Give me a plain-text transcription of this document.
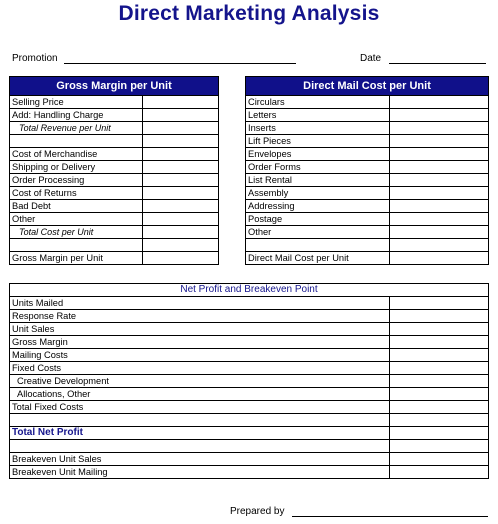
Direct Marketing Analysis
Promotion	Date
Gross Margin per Unit	
Selling Price	
Add: Handling Charge	
Total Revenue per Unit	

Cost of Merchandise	
Shipping or Delivery	
Order Processing	
Cost of Returns	
Bad Debt	
Other	
Total Cost per Unit	

Gross Margin per Unit	
Direct Mail Cost per Unit	
Circulars	
Letters	
Inserts	
Lift Pieces	
Envelopes	
Order Forms	
List Rental	
Assembly	
Addressing	
Postage	
Other	

Direct Mail Cost per Unit	
Net Profit and Breakeven Point	
Units Mailed	
Response Rate	
Unit Sales	
Gross Margin	
Mailing Costs	
Fixed Costs	
Creative Development	
Allocations, Other	
Total Fixed Costs	

Total Net Profit	

Breakeven Unit Sales	
Breakeven Unit Mailing	
Prepared by
